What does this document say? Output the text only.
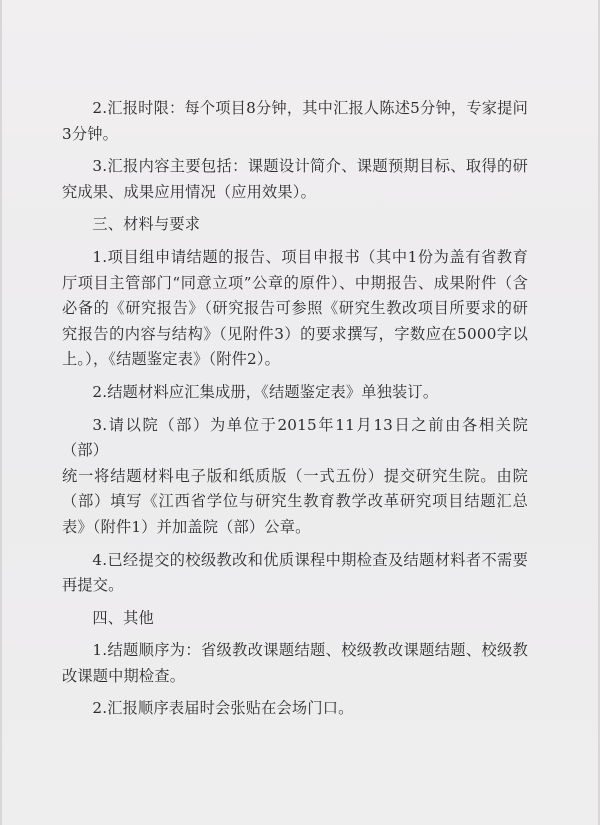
2.汇报时限：每个项目8分钟，其中汇报人陈述5分钟，专家提问3分钟。

3.汇报内容主要包括：课题设计简介、课题预期目标、取得的研究成果、成果应用情况（应用效果）。

三、材料与要求

1.项目组申请结题的报告、项目申报书（其中1份为盖有省教育厅项目主管部门“同意立项”公章的原件）、中期报告、成果附件（含必备的《研究报告》（研究报告可参照《研究生教改项目所要求的研究报告的内容与结构》（见附件3）的要求撰写，字数应在5000字以上。），《结题鉴定表》（附件2）。

2.结题材料应汇集成册，《结题鉴定表》单独装订。

3.请以院（部）为单位于2015年11月13日之前由各相关院（部）

统一将结题材料电子版和纸质版（一式五份）提交研究生院。由院（部）填写《江西省学位与研究生教育教学改革研究项目结题汇总表》（附件1）并加盖院（部）公章。

4.已经提交的校级教改和优质课程中期检查及结题材料者不需要再提交。

四、其他

1.结题顺序为：省级教改课题结题、校级教改课题结题、校级教改课题中期检查。

2.汇报顺序表届时会张贴在会场门口。
